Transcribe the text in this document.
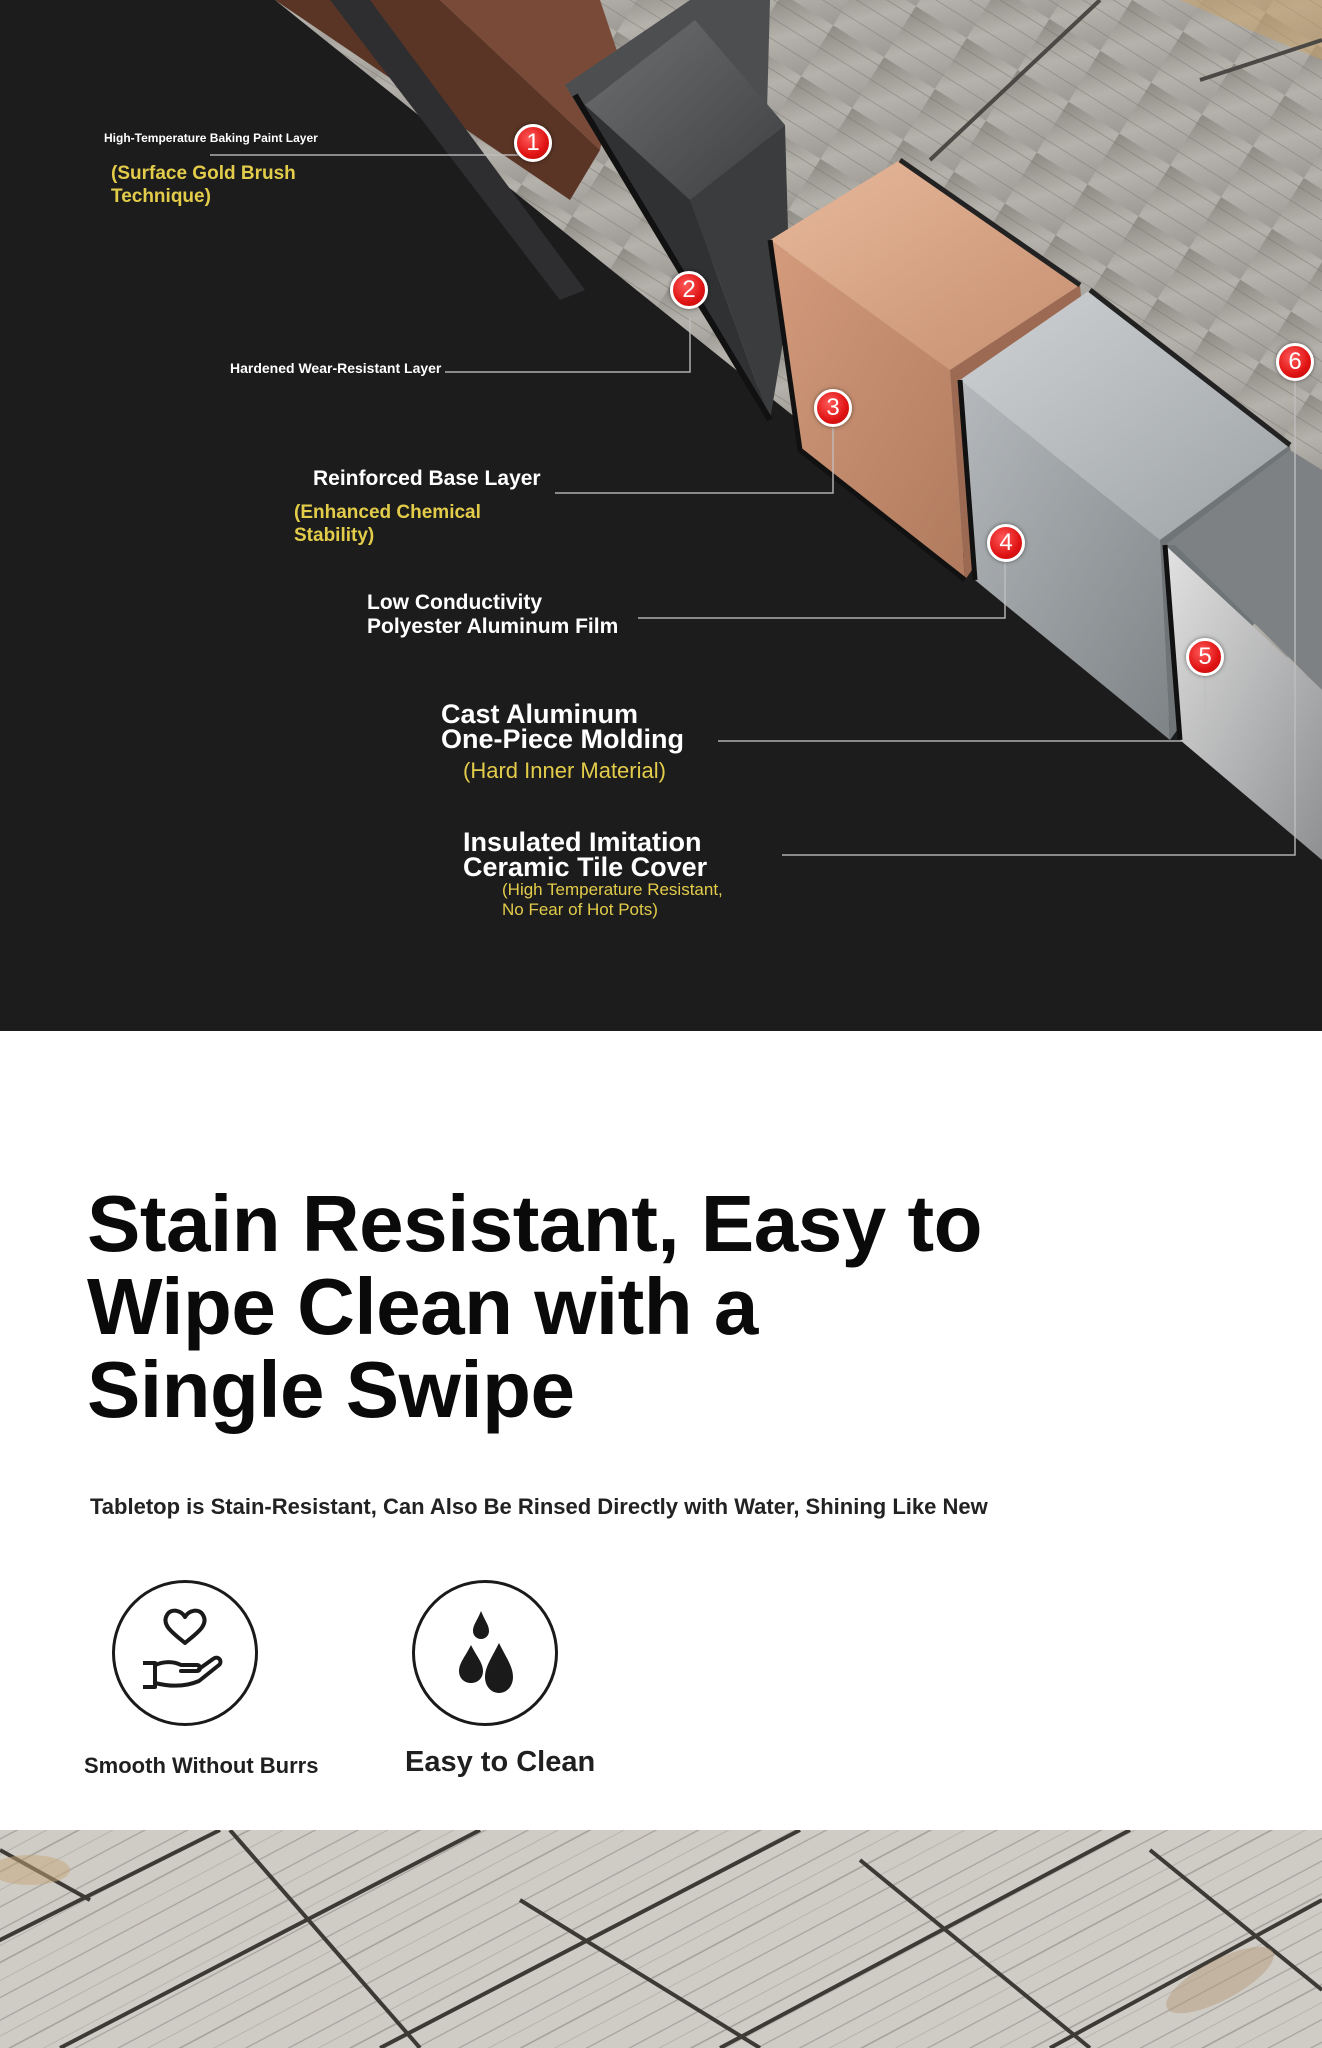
1
2
3
4
5
6
High-Temperature Baking Paint Layer
(Surface Gold Brush
Technique)
Hardened Wear-Resistant Layer
Reinforced Base Layer
(Enhanced Chemical
Stability)
Low Conductivity
Polyester Aluminum Film
Cast Aluminum
One-Piece Molding
(Hard Inner Material)
Insulated Imitation
Ceramic Tile Cover
(High Temperature Resistant,
No Fear of Hot Pots)
Stain Resistant, Easy to Wipe Clean with a Single Swipe

Tabletop is Stain-Resistant, Can Also Be Rinsed Directly with Water, Shining Like New

Smooth Without Burrs	Easy to Clean
